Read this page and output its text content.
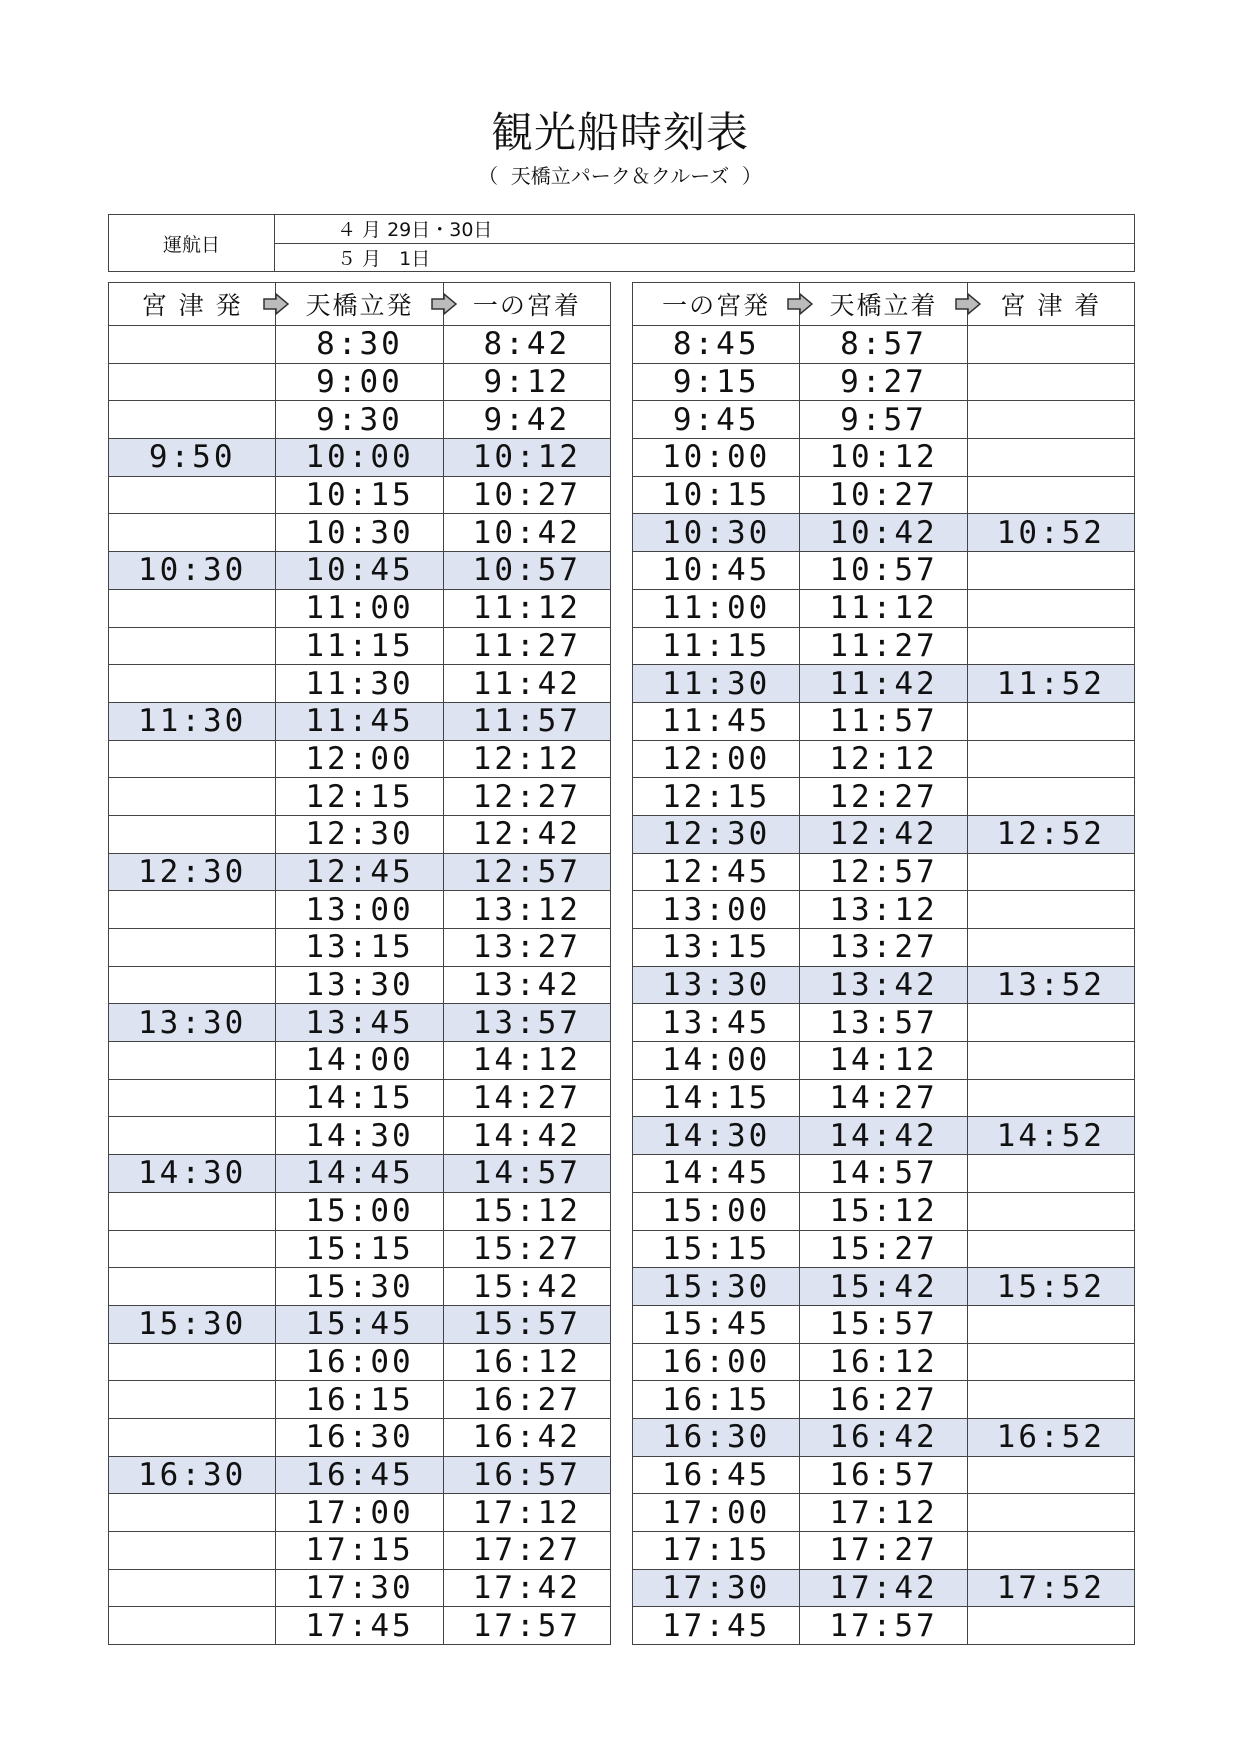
観光船時刻表
（  天橋立パーク＆クルーズ  ）
運航日	４ 月 29日・30日
５ 月   1日
宮 津 発	天橋立発	一の宮着
	8:30	8:42
	9:00	9:12
	9:30	9:42
9:50	10:00	10:12
	10:15	10:27
	10:30	10:42
10:30	10:45	10:57
	11:00	11:12
	11:15	11:27
	11:30	11:42
11:30	11:45	11:57
	12:00	12:12
	12:15	12:27
	12:30	12:42
12:30	12:45	12:57
	13:00	13:12
	13:15	13:27
	13:30	13:42
13:30	13:45	13:57
	14:00	14:12
	14:15	14:27
	14:30	14:42
14:30	14:45	14:57
	15:00	15:12
	15:15	15:27
	15:30	15:42
15:30	15:45	15:57
	16:00	16:12
	16:15	16:27
	16:30	16:42
16:30	16:45	16:57
	17:00	17:12
	17:15	17:27
	17:30	17:42
	17:45	17:57
一の宮発	天橋立着	宮 津 着
8:45	8:57	
9:15	9:27	
9:45	9:57	
10:00	10:12	
10:15	10:27	
10:30	10:42	10:52
10:45	10:57	
11:00	11:12	
11:15	11:27	
11:30	11:42	11:52
11:45	11:57	
12:00	12:12	
12:15	12:27	
12:30	12:42	12:52
12:45	12:57	
13:00	13:12	
13:15	13:27	
13:30	13:42	13:52
13:45	13:57	
14:00	14:12	
14:15	14:27	
14:30	14:42	14:52
14:45	14:57	
15:00	15:12	
15:15	15:27	
15:30	15:42	15:52
15:45	15:57	
16:00	16:12	
16:15	16:27	
16:30	16:42	16:52
16:45	16:57	
17:00	17:12	
17:15	17:27	
17:30	17:42	17:52
17:45	17:57	
